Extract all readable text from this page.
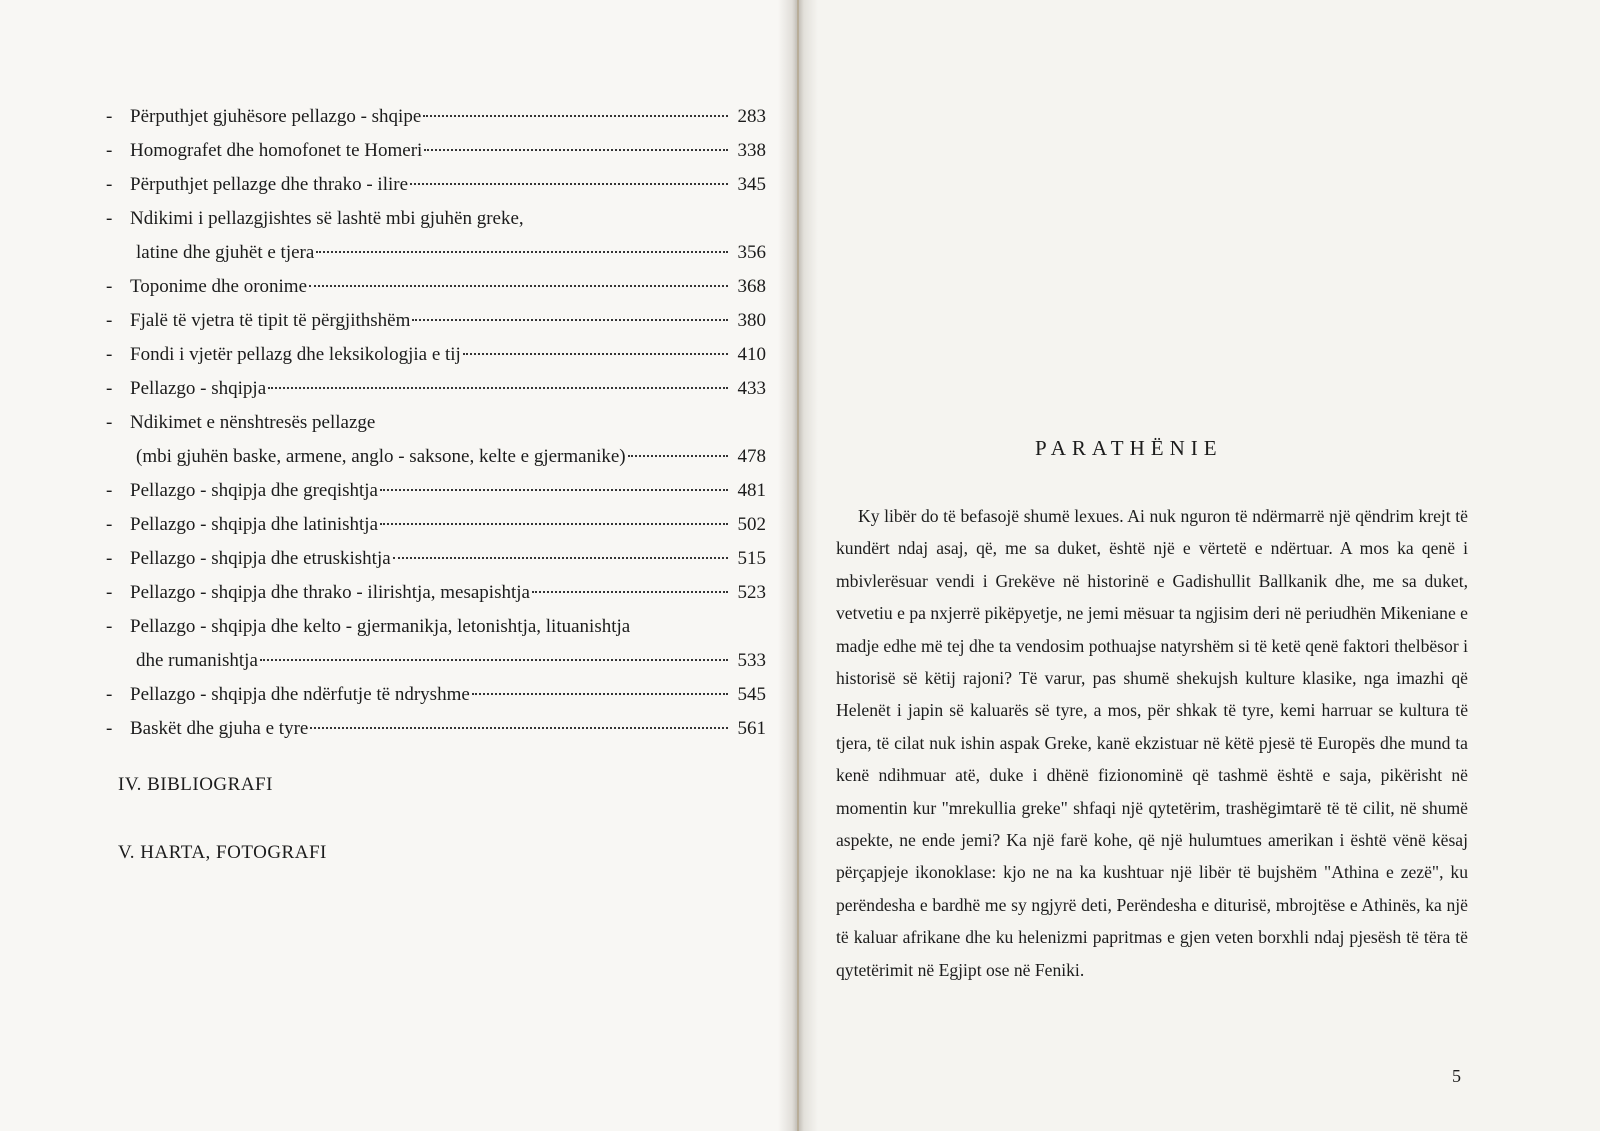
- Përputhjet gjuhësore pellazgo - shqipe	283
- Homografet dhe homofonet te Homeri	338
- Përputhjet pellazge dhe thrako - ilire	345
- Ndikimi i pellazgjishtes së lashtë mbi gjuhën greke,
latine dhe gjuhët e tjera	356
- Toponime dhe oronime	368
- Fjalë të vjetra të tipit të përgjithshëm	380
- Fondi i vjetër pellazg dhe leksikologjia e tij	410
- Pellazgo - shqipja	433
- Ndikimet e nënshtresës pellazge
(mbi gjuhën baske, armene, anglo - saksone, kelte e gjermanike)	478
- Pellazgo - shqipja dhe greqishtja	481
- Pellazgo - shqipja dhe latinishtja	502
- Pellazgo - shqipja dhe etruskishtja	515
- Pellazgo - shqipja dhe thrako - ilirishtja, mesapishtja	523
- Pellazgo - shqipja dhe kelto - gjermanikja, letonishtja, lituanishtja
dhe rumanishtja	533
- Pellazgo - shqipja dhe ndërfutje të ndryshme	545
- Baskët dhe gjuha e tyre	561
IV. BIBLIOGRAFI
V. HARTA, FOTOGRAFI
PARATHËNIE

Ky libër do të befasojë shumë lexues. Ai nuk nguron të ndërmarrë një qëndrim krejt të kundërt ndaj asaj, që, me sa duket, është një e vërtetë e ndërtuar. A mos ka qenë i mbivlerësuar vendi i Grekëve në historinë e Gadishullit Ballkanik dhe, me sa duket, vetvetiu e pa nxjerrë pikëpyetje, ne jemi mësuar ta ngjisim deri në periudhën Mikeniane e madje edhe më tej dhe ta vendosim pothuajse natyrshëm si të ketë qenë faktori thelbësor i historisë së këtij rajoni? Të varur, pas shumë shekujsh kulture klasike, nga imazhi që Helenët i japin së kaluarës së tyre, a mos, për shkak të tyre, kemi harruar se kultura të tjera, të cilat nuk ishin aspak Greke, kanë ekzistuar në këtë pjesë të Europës dhe mund ta kenë ndihmuar atë, duke i dhënë fizionominë që tashmë është e saja, pikërisht në momentin kur "mrekullia greke" shfaqi një qytetërim, trashëgimtarë të të cilit, në shumë aspekte, ne ende jemi? Ka një farë kohe, që një hulumtues amerikan i është vënë kësaj përçapjeje ikonoklase: kjo ne na ka kushtuar një libër të bujshëm "Athina e zezë", ku perëndesha e bardhë me sy ngjyrë deti, Perëndesha e diturisë, mbrojtëse e Athinës, ka një të kaluar afrikane dhe ku helenizmi papritmas e gjen veten borxhli ndaj pjesësh të tëra të qytetërimit në Egjipt ose në Feniki.

5
